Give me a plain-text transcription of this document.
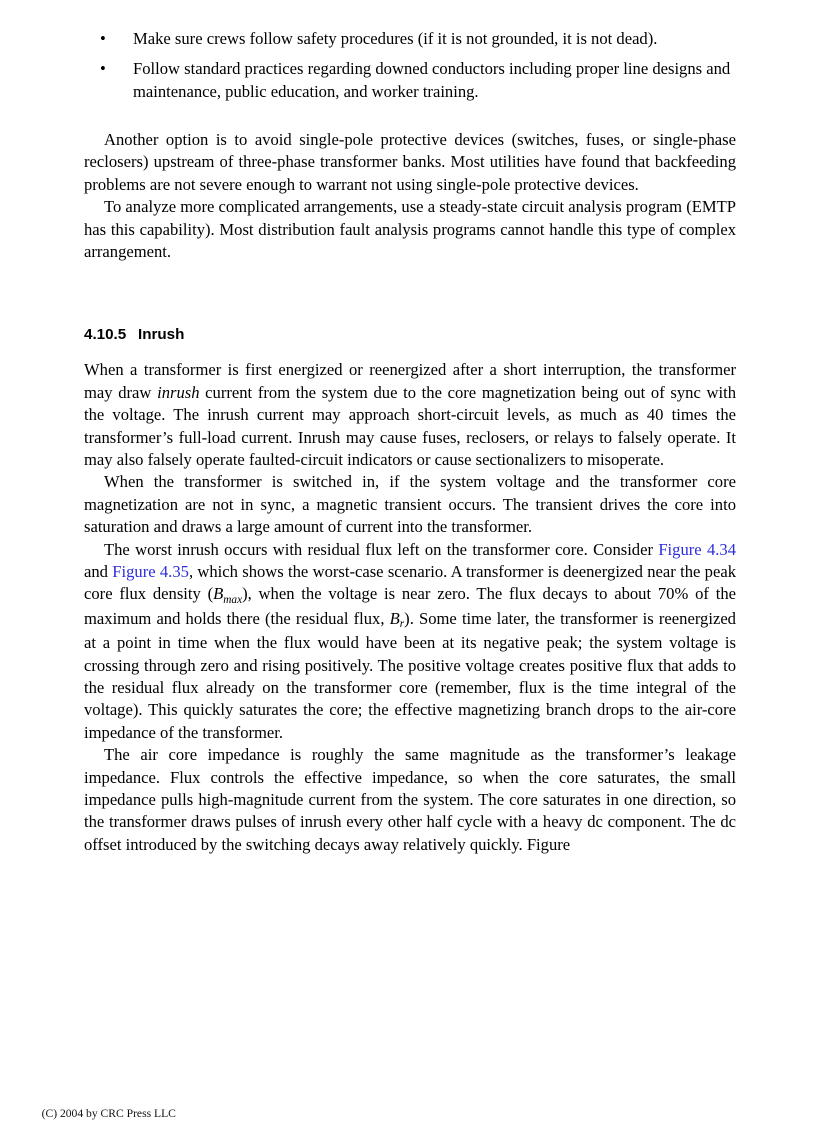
• Make sure crews follow safety procedures (if it is not grounded, it is not dead).
• Follow standard practices regarding downed conductors including proper line designs and maintenance, public education, and worker training.

Another option is to avoid single-pole protective devices (switches, fuses, or single-phase reclosers) upstream of three-phase transformer banks. Most utilities have found that backfeeding problems are not severe enough to warrant not using single-pole protective devices.

To analyze more complicated arrangements, use a steady-state circuit analysis program (EMTP has this capability). Most distribution fault analysis programs cannot handle this type of complex arrangement.

4.10.5 Inrush

When a transformer is first energized or reenergized after a short interruption, the transformer may draw inrush current from the system due to the core magnetization being out of sync with the voltage. The inrush current may approach short-circuit levels, as much as 40 times the transformer’s full-load current. Inrush may cause fuses, reclosers, or relays to falsely operate. It may also falsely operate faulted-circuit indicators or cause sectionalizers to misoperate.

When the transformer is switched in, if the system voltage and the transformer core magnetization are not in sync, a magnetic transient occurs. The transient drives the core into saturation and draws a large amount of current into the transformer.

The worst inrush occurs with residual flux left on the transformer core. Consider Figure 4.34 and Figure 4.35, which shows the worst-case scenario. A transformer is deenergized near the peak core flux density $(B_{max})$, when the voltage is near zero. The flux decays to about 70% of the maximum and holds there (the residual flux, $B_r$). Some time later, the transformer is reenergized at a point in time when the flux would have been at its negative peak; the system voltage is crossing through zero and rising positively. The positive voltage creates positive flux that adds to the residual flux already on the transformer core (remember, flux is the time integral of the voltage). This quickly saturates the core; the effective magnetizing branch drops to the air-core impedance of the transformer.

The air core impedance is roughly the same magnitude as the transformer’s leakage impedance. Flux controls the effective impedance, so when the core saturates, the small impedance pulls high-magnitude current from the system. The core saturates in one direction, so the transformer draws pulses of inrush every other half cycle with a heavy dc component. The dc offset introduced by the switching decays away relatively quickly. Figure

(C) 2004 by CRC Press LLC
